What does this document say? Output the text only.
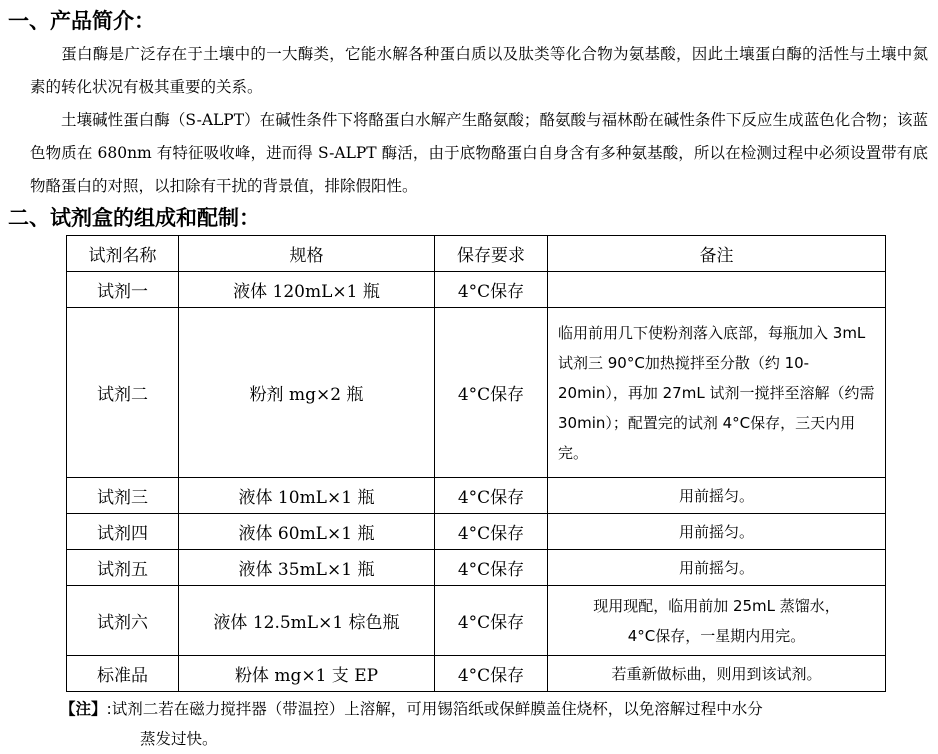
一、产品简介：
蛋白酶是广泛存在于土壤中的一大酶类，它能水解各种蛋白质以及肽类等化合物为氨基酸，因此土壤蛋白酶的活性与土壤中氮素的转化状况有极其重要的关系。
土壤碱性蛋白酶（S-ALPT）在碱性条件下将酪蛋白水解产生酪氨酸；酪氨酸与福林酚在碱性条件下反应生成蓝色化合物；该蓝色物质在 680nm 有特征吸收峰，进而得 S-ALPT 酶活，由于底物酪蛋白自身含有多种氨基酸，所以在检测过程中必须设置带有底物酪蛋白的对照，以扣除有干扰的背景值，排除假阳性。
二、试剂盒的组成和配制：
试剂名称	规格	保存要求	备注
试剂一	液体 120mL×1 瓶	4°C保存	
试剂二	粉剂 mg×2 瓶	4°C保存	临用前用几下使粉剂落入底部，每瓶加入 3mL 试剂三 90°C加热搅拌至分散（约 10-20min），再加 27mL 试剂一搅拌至溶解（约需 30min）；配置完的试剂 4°C保存，三天内用完。
试剂三	液体 10mL×1 瓶	4°C保存	用前摇匀。
试剂四	液体 60mL×1 瓶	4°C保存	用前摇匀。
试剂五	液体 35mL×1 瓶	4°C保存	用前摇匀。
试剂六	液体 12.5mL×1 棕色瓶	4°C保存	现用现配，临用前加 25mL 蒸馏水，
4°C保存，一星期内用完。

标准品	粉体 mg×1 支 EP	4°C保存	若重新做标曲，则用到该试剂。
【注】:试剂二若在磁力搅拌器（带温控）上溶解，可用锡箔纸或保鲜膜盖住烧杯，以免溶解过程中水分
蒸发过快。
